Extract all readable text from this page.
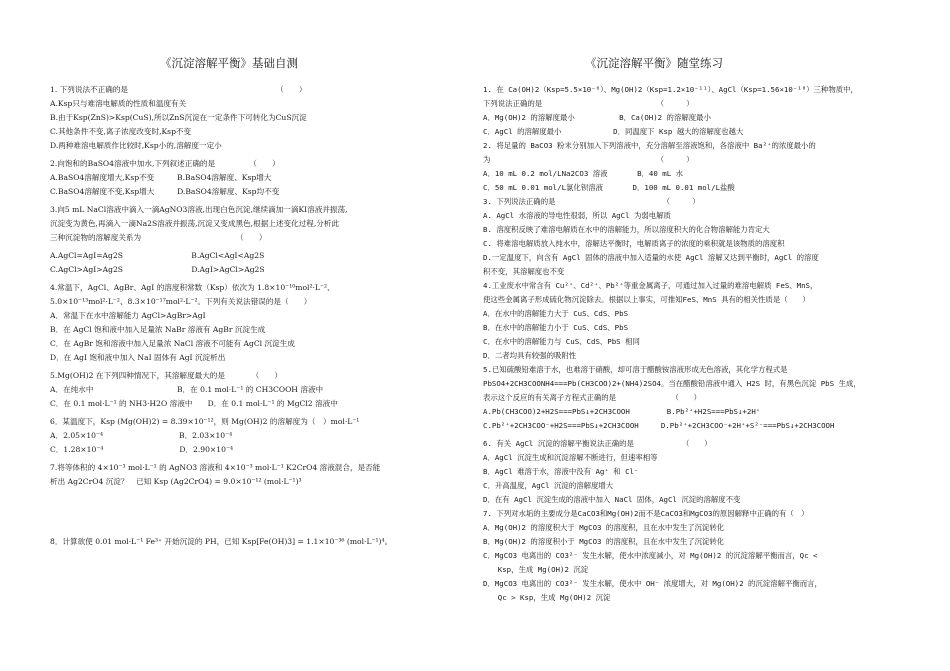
《沉淀溶解平衡》基础自测
1. 下列说法不正确的是　　　　　　　　　　　　　　　　　　　　（　　）
A.Ksp只与难溶电解质的性质和温度有关
B.由于Ksp(ZnS)>Ksp(CuS),所以ZnS沉淀在一定条件下可转化为CuS沉淀
C.其他条件不变,离子浓度改变时,Ksp不变
D.两种难溶电解质作比较时,Ksp小的,溶解度一定小
2.向饱和的BaSO4溶液中加水,下列叙述正确的是　　　　　（　　）
A.BaSO4溶解度增大,Ksp不变　　　B.BaSO4溶解度、Ksp增大
C.BaSO4溶解度不变,Ksp增大　　　D.BaSO4溶解度、Ksp均不变
3.向5 mL NaCl溶液中滴入一滴AgNO3溶液,出现白色沉淀,继续滴加一滴KI溶液并振荡,
沉淀变为黄色,再滴入一滴Na2S溶液并振荡,沉淀又变成黑色,根据上述变化过程,分析此
三种沉淀物的溶解度关系为　　　　　　　　　　　　　（　　）
A.AgCl=AgI=Ag2S　　　　　　　　　B.AgCl<AgI<Ag2S
C.AgCl>AgI>Ag2S　　　　　　　　　D.AgI>AgCl>Ag2S
4.常温下，AgCl、AgBr、AgI 的溶度积常数（Ksp）依次为 1.8×10⁻¹⁰mol²·L⁻²、
5.0×10⁻¹³mol²·L⁻²、8.3×10⁻¹⁷mol²·L⁻²。下列有关说法错误的是（　　）
A．常温下在水中溶解能力 AgCl>AgBr>AgI
B．在 AgCl 饱和液中加入足量浓 NaBr 溶液有 AgBr 沉淀生成
C．在 AgBr 饱和溶液中加入足量浓 NaCl 溶液不可能有 AgCl 沉淀生成
D．在 AgI 饱和液中加入 NaI 固体有 AgI 沉淀析出
5.Mg(OH)2 在下列四种情况下，其溶解度最大的是　　　　（　　）
A．在纯水中　　　　　　　　　　　B．在 0.1 mol·L⁻¹ 的 CH3COOH 溶液中
C．在 0.1 mol·L⁻¹ 的 NH3·H2O 溶液中　　D．在 0.1 mol·L⁻¹ 的 MgCl2 溶液中
6．某温度下，Ksp (Mg(OH)2) = 8.39×10⁻¹²，则 Mg(OH)2 的溶解度为（　）mol·L⁻¹
A．2.05×10⁻⁴　　　　　　　　　　B．2.03×10⁻⁴
C．1.28×10⁻⁴　　　　　　　　　　D．2.90×10⁻⁴
7.将等体积的 4×10⁻³ mol·L⁻¹ 的 AgNO3 溶液和 4×10⁻³ mol·L⁻¹ K2CrO4 溶液混合，是否能
析出 Ag2CrO4 沉淀？　已知 Ksp (Ag2CrO4) = 9.0×10⁻¹² (mol·L⁻¹)³
8．计算欲使 0.01 mol·L⁻¹ Fe³⁺ 开始沉淀的 PH，已知 Ksp[Fe(OH)3] = 1.1×10⁻³⁶ (mol·L⁻¹)⁴。
《沉淀溶解平衡》随堂练习
1. 在 Ca(OH)2（Ksp=5.5×10⁻⁶）、Mg(OH)2（Ksp=1.2×10⁻¹¹）、AgCl（Ksp=1.56×10⁻¹⁰）三种物质中，
下列说法正确的是　　　　　　　　　　　　　　　　（　　　）
A．Mg(OH)2 的溶解度最小　　　　　　B．Ca(OH)2 的溶解度最小
C．AgCl 的溶解度最小　　　　　　　D．同温度下 Ksp 越大的溶解度也越大
2. 将足量的 BaCO3 粉末分别加入下列溶液中，充分溶解至溶液饱和，各溶液中 Ba²⁺的浓度最小的
为　　　　　　　　　　　　　　　　　　　　　　　（　　　）
A．10 mL 0.2 mol/LNa2CO3 溶液　　　　B．40 mL 水
C．50 mL 0.01 mol/L氯化钡溶液　　　　D．100 mL 0.01 mol/L盐酸
3. 下列说法正确的是　　　　　　　　　　　　　　　（　　　）
A. AgCl 水溶液的导电性很弱，所以 AgCl 为弱电解质
B. 溶度积反映了难溶电解质在水中的溶解能力，所以溶度积大的化合物溶解能力肯定大
C. 将难溶电解质放入纯水中，溶解达平衡时，电解质离子的浓度的乘积就是该物质的溶度积
D.一定温度下，向含有 AgCl 固体的溶液中加入适量的水使 AgCl 溶解又达到平衡时，AgCl 的溶度
积不变，其溶解度也不变
4.工业废水中常含有 Cu²⁺、Cd²⁺、Pb²⁺等重金属离子，可通过加入过量的难溶电解质 FeS、MnS，
使这些金属离子形成硫化物沉淀除去。根据以上事实，可推知FeS、MnS 具有的相关性质是（　　）
A．在水中的溶解能力大于 CuS、CdS、PbS
B．在水中的溶解能力小于 CuS、CdS、PbS
C．在水中的溶解能力与 CuS、CdS、PbS 相同
D．二者均具有较强的吸附性
5.已知硫酸铅难溶于水，也难溶于硝酸，却可溶于醋酸铵溶液形成无色溶液，其化学方程式是
PbSO4+2CH3COONH4===Pb(CH3COO)2+(NH4)2SO4。当在醋酸铅溶液中通入 H2S 时，有黑色沉淀 PbS 生成，
表示这个反应的有关离子方程式正确的是　　　　　　　　（　　）
A.Pb(CH3COO)2+H2S===PbS↓+2CH3COOH　　　　　B.Pb²⁺+H2S===PbS↓+2H⁺
C.Pb²⁺+2CH3COO⁻+H2S===PbS↓+2CH3COOH　　　D.Pb²⁺+2CH3COO⁻+2H⁺+S²⁻===PbS↓+2CH3COOH
6. 有关 AgCl 沉淀的溶解平衡说法正确的是　　　　　　　（　　）
A．AgCl 沉淀生成和沉淀溶解不断进行，但速率相等
B．AgCl 难溶于水，溶液中没有 Ag⁺ 和 Cl⁻
C．升高温度，AgCl 沉淀的溶解度增大
D．在有 AgCl 沉淀生成的溶液中加入 NaCl 固体，AgCl 沉淀的溶解度不变
7. 下列对水垢的主要成分是CaCO3和Mg(OH)2而不是CaCO3和MgCO3的原因解释中正确的有（　）
A．Mg(OH)2 的溶度积大于 MgCO3 的溶度积，且在水中发生了沉淀转化
B．Mg(OH)2 的溶度积小于 MgCO3 的溶度积，且在水中发生了沉淀转化
C．MgCO3 电离出的 CO3²⁻ 发生水解，使水中浓度减小，对 Mg(OH)2 的沉淀溶解平衡而言，Qc <
　　Ksp，生成 Mg(OH)2 沉淀
D．MgCO3 电离出的 CO3²⁻ 发生水解，使水中 OH⁻ 浓度增大，对 Mg(OH)2 的沉淀溶解平衡而言，
　　Qc > Ksp，生成 Mg(OH)2 沉淀
